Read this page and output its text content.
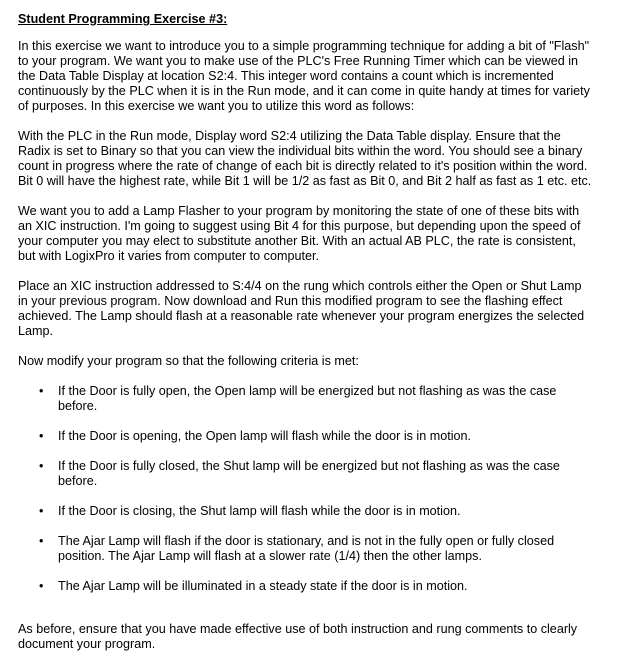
Student Programming Exercise #3:

In this exercise we want to introduce you to a simple programming technique for adding a bit of "Flash" to your program. We want you to make use of the PLC's Free Running Timer which can be viewed in the Data Table Display at location S2:4. This integer word contains a count which is incremented continuously by the PLC when it is in the Run mode, and it can come in quite handy at times for variety of purposes. In this exercise we want you to utilize this word as follows:

With the PLC in the Run mode, Display word S2:4 utilizing the Data Table display. Ensure that the Radix is set to Binary so that you can view the individual bits within the word. You should see a binary count in progress where the rate of change of each bit is directly related to it's position within the word. Bit 0 will have the highest rate, while Bit 1 will be 1/2 as fast as Bit 0, and Bit 2 half as fast as 1 etc. etc.

We want you to add a Lamp Flasher to your program by monitoring the state of one of these bits with an XIC instruction. I'm going to suggest using Bit 4 for this purpose, but depending upon the speed of your computer you may elect to substitute another Bit. With an actual AB PLC, the rate is consistent, but with LogixPro it varies from computer to computer.

Place an XIC instruction addressed to S:4/4 on the rung which controls either the Open or Shut Lamp in your previous program. Now download and Run this modified program to see the flashing effect achieved. The Lamp should flash at a reasonable rate whenever your program energizes the selected Lamp.

Now modify your program so that the following criteria is met:

• If the Door is fully open, the Open lamp will be energized but not flashing as was the case before.
• If the Door is opening, the Open lamp will flash while the door is in motion.
• If the Door is fully closed, the Shut lamp will be energized but not flashing as was the case before.
• If the Door is closing, the Shut lamp will flash while the door is in motion.
• The Ajar Lamp will flash if the door is stationary, and is not in the fully open or fully closed position. The Ajar Lamp will flash at a slower rate (1/4) then the other lamps.
• The Ajar Lamp will be illuminated in a steady state if the door is in motion.

As before, ensure that you have made effective use of both instruction and rung comments to clearly document your program.
